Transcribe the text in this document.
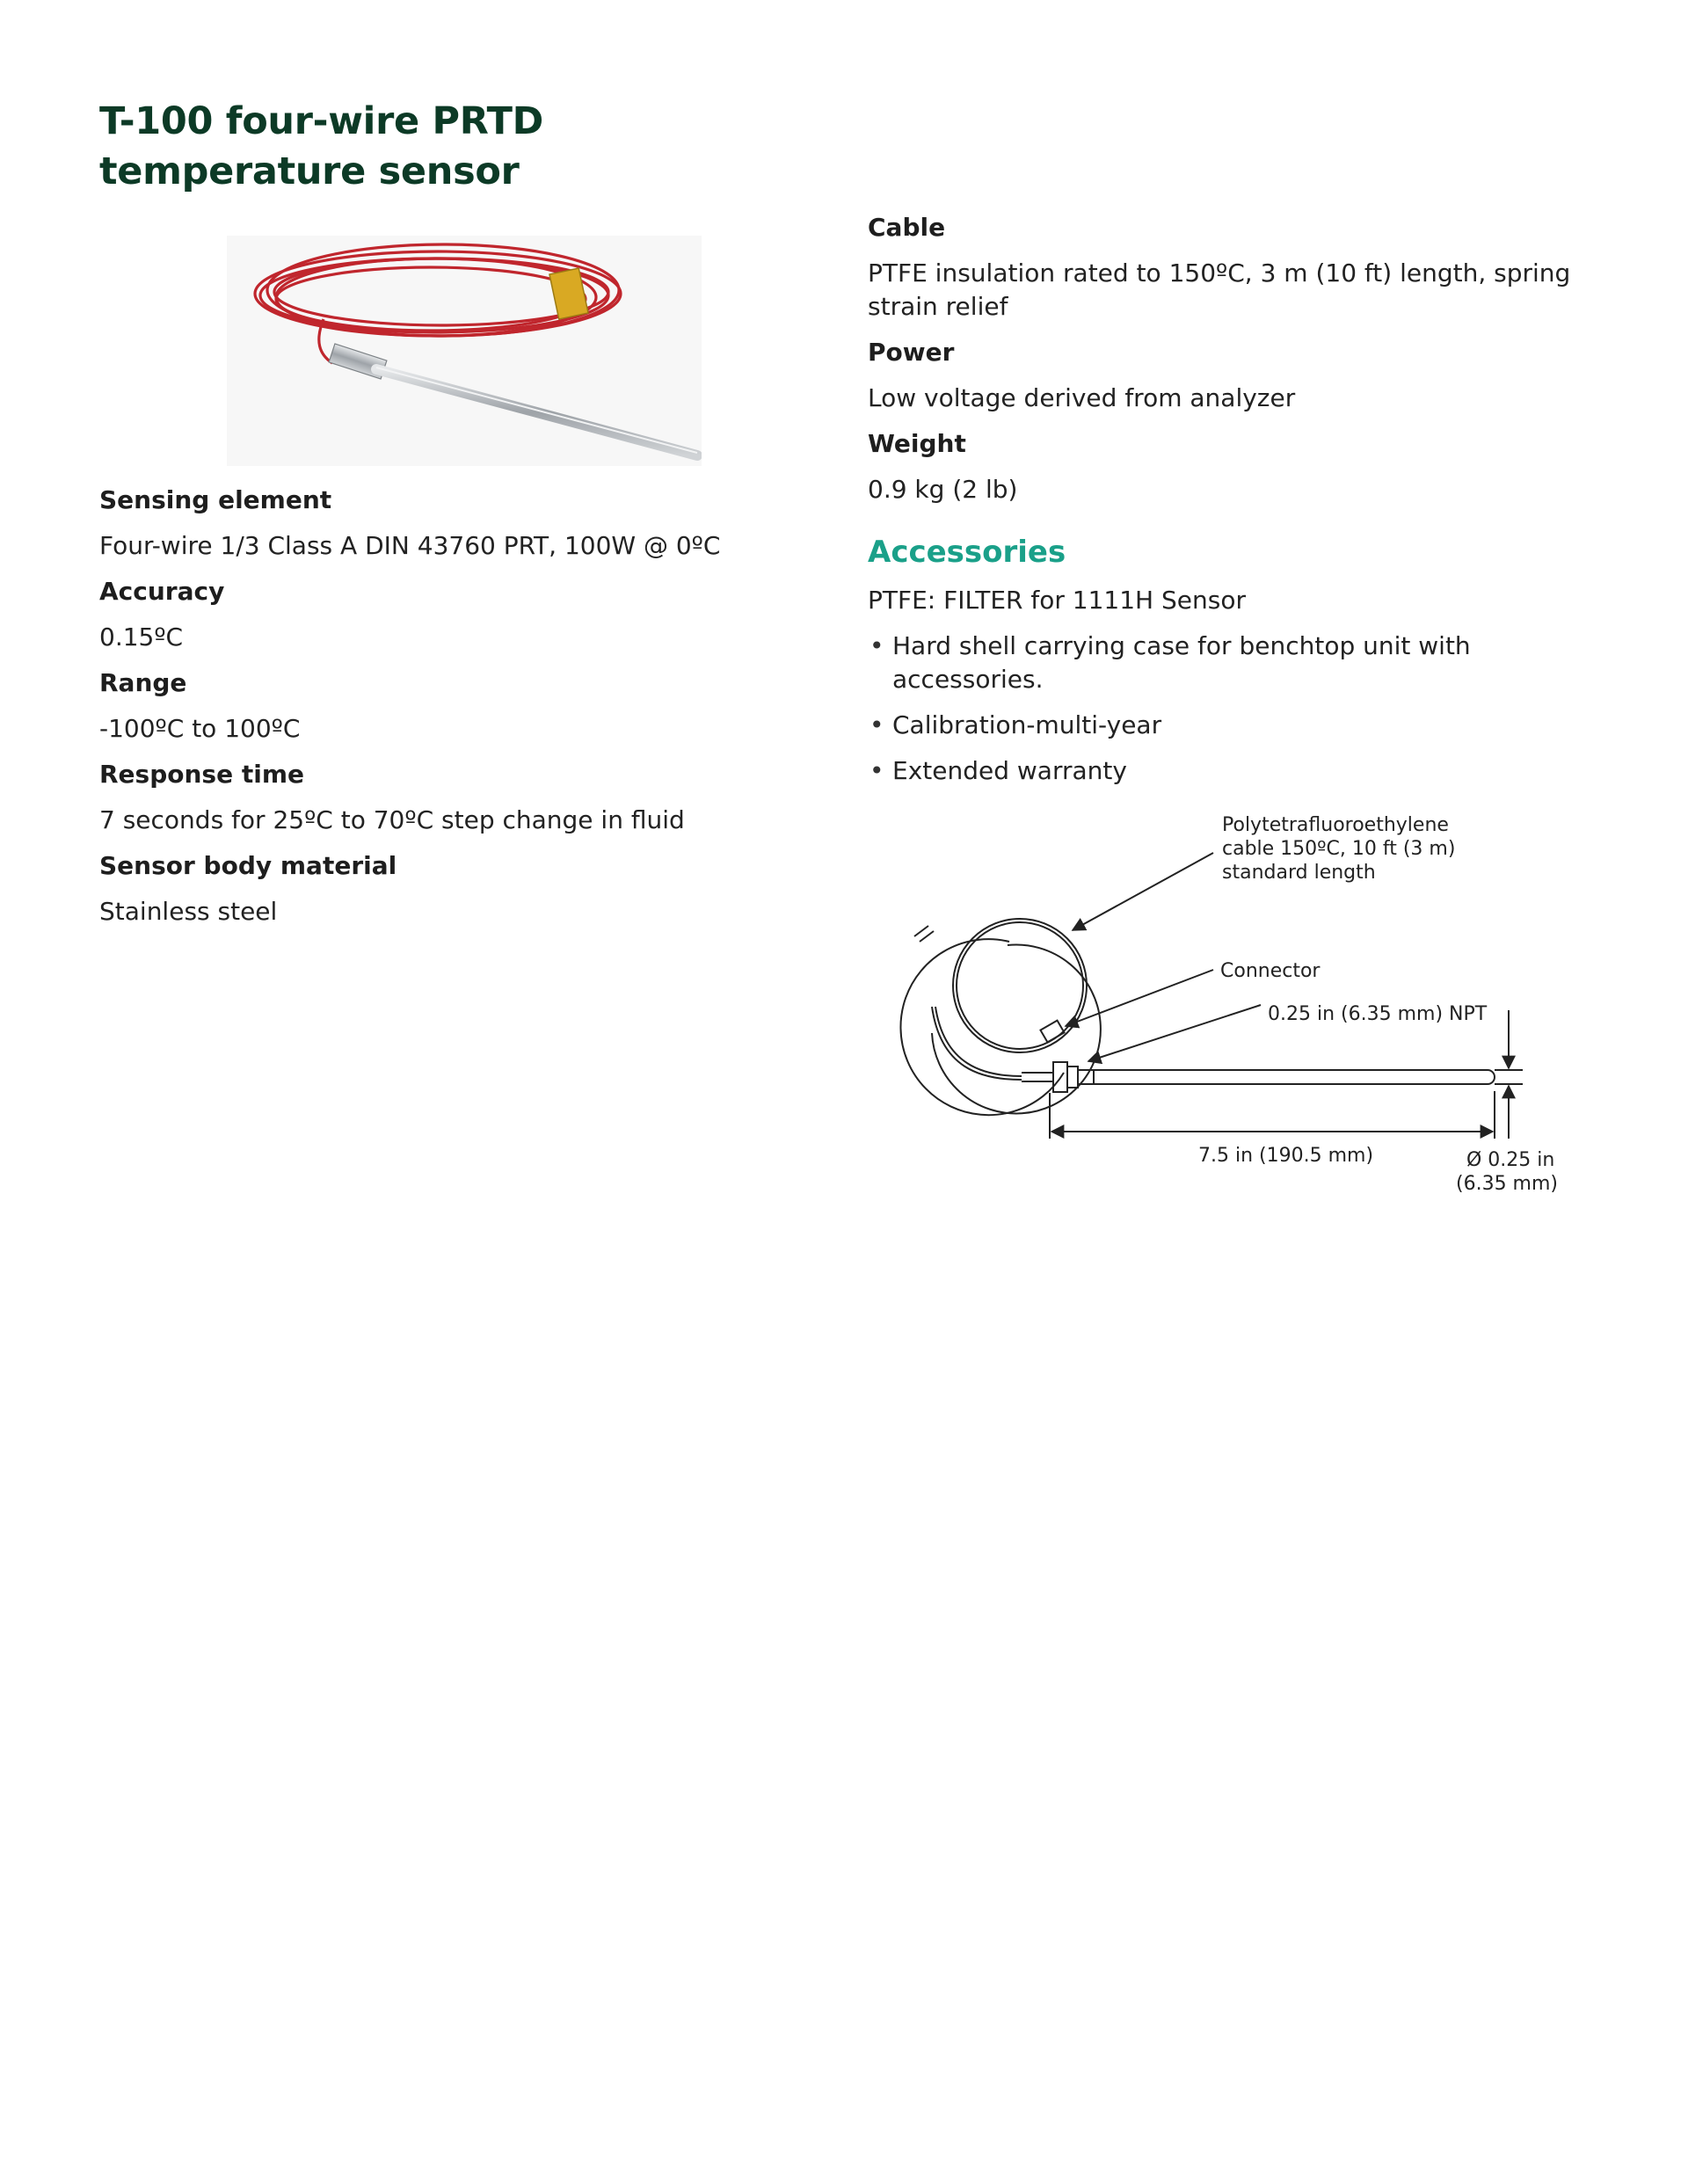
T-100 four-wire PRTD
temperature sensor

Sensing element

Four-wire 1/3 Class A DIN 43760 PRT, 100W @ 0ºC

Accuracy

0.15ºC

Range

-100ºC to 100ºC

Response time

7 seconds for 25ºC to 70ºC step change in fluid

Sensor body material

Stainless steel

Cable

PTFE insulation rated to 150ºC, 3 m (10 ft) length, spring strain relief

Power

Low voltage derived from analyzer

Weight

0.9 kg (2 lb)

Accessories

PTFE: FILTER for 1111H Sensor

• Hard shell carrying case for benchtop unit with accessories.
• Calibration-multi-year
• Extended warranty
Polytetrafluoroethylene
cable 150ºC, 10 ft (3 m)
standard length
Connector
0.25 in (6.35 mm) NPT
7.5 in (190.5 mm)	Ø 0.25 in
(6.35 mm)
